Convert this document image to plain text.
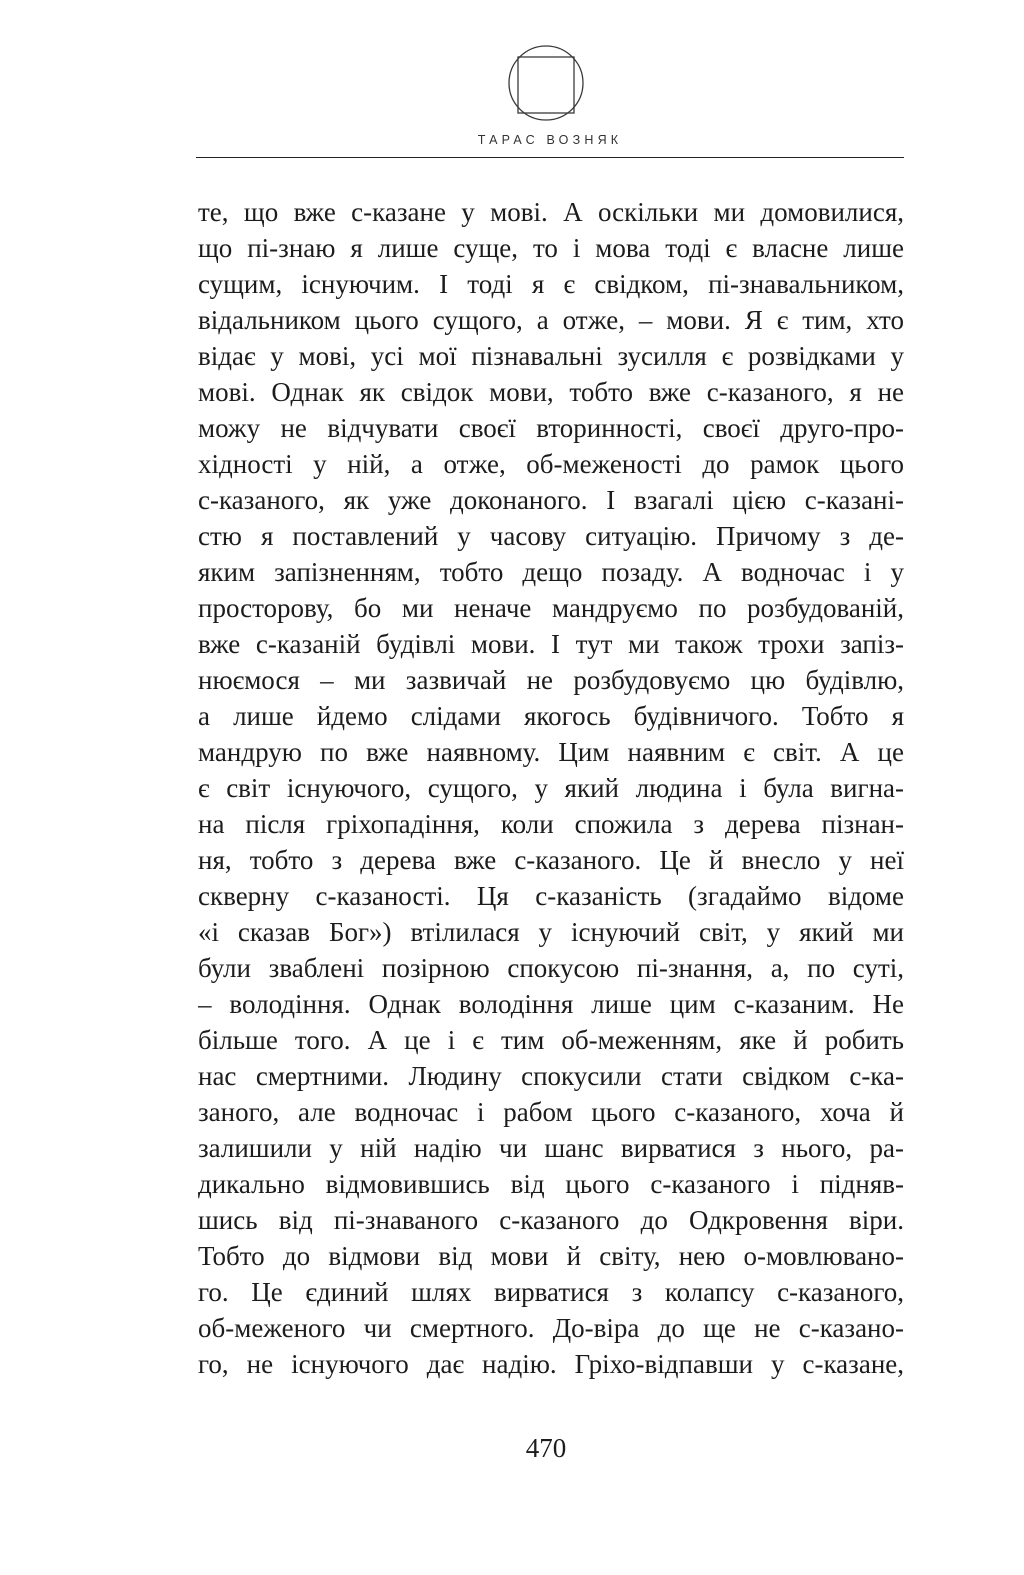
ТАРАС ВОЗНЯК
те, що вже с-казане у мові. А оскільки ми домовилися,
що пі-знаю я лише суще, то і мова тоді є власне лише
сущим, існуючим. І тоді я є свідком, пі-знавальником,
відальником цього сущого, а отже, – мови. Я є тим, хто
відає у мові, усі мої пізнавальні зусилля є розвідками у
мові. Однак як свідок мови, тобто вже с-казаного, я не
можу не відчувати своєї вторинності, своєї друго-про-
хідності у ній, а отже, об-меженості до рамок цього
с-казаного, як уже доконаного. І взагалі цією с-казані-
стю я поставлений у часову ситуацію. Причому з де-
яким запізненням, тобто дещо позаду. А водночас і у
просторову, бо ми неначе мандруємо по розбудованій,
вже с-казаній будівлі мови. І тут ми також трохи запіз-
нюємося – ми зазвичай не розбудовуємо цю будівлю,
а лише йдемо слідами якогось будівничого. Тобто я
мандрую по вже наявному. Цим наявним є світ. А це
є світ існуючого, сущого, у який людина і була вигна-
на після гріхопадіння, коли спожила з дерева пізнан-
ня, тобто з дерева вже с-казаного. Це й внесло у неї
скверну с-казаності. Ця с-казаність (згадаймо відоме
«і сказав Бог») втілилася у існуючий світ, у який ми
були зваблені позірною спокусою пі-знання, а, по суті,
– володіння. Однак володіння лише цим с-казаним. Не
більше того. А це і є тим об-меженням, яке й робить
нас смертними. Людину спокусили стати свідком с-ка-
заного, але водночас і рабом цього с-казаного, хоча й
залишили у ній надію чи шанс вирватися з нього, ра-
дикально відмовившись від цього с-казаного і підняв-
шись від пі-знаваного с-казаного до Одкровення віри.
Тобто до відмови від мови й світу, нею о-мовлювано-
го. Це єдиний шлях вирватися з колапсу с-казаного,
об-меженого чи смертного. До-віра до ще не с-казано-
го, не існуючого дає надію. Гріхо-відпавши у с-казане,
470
